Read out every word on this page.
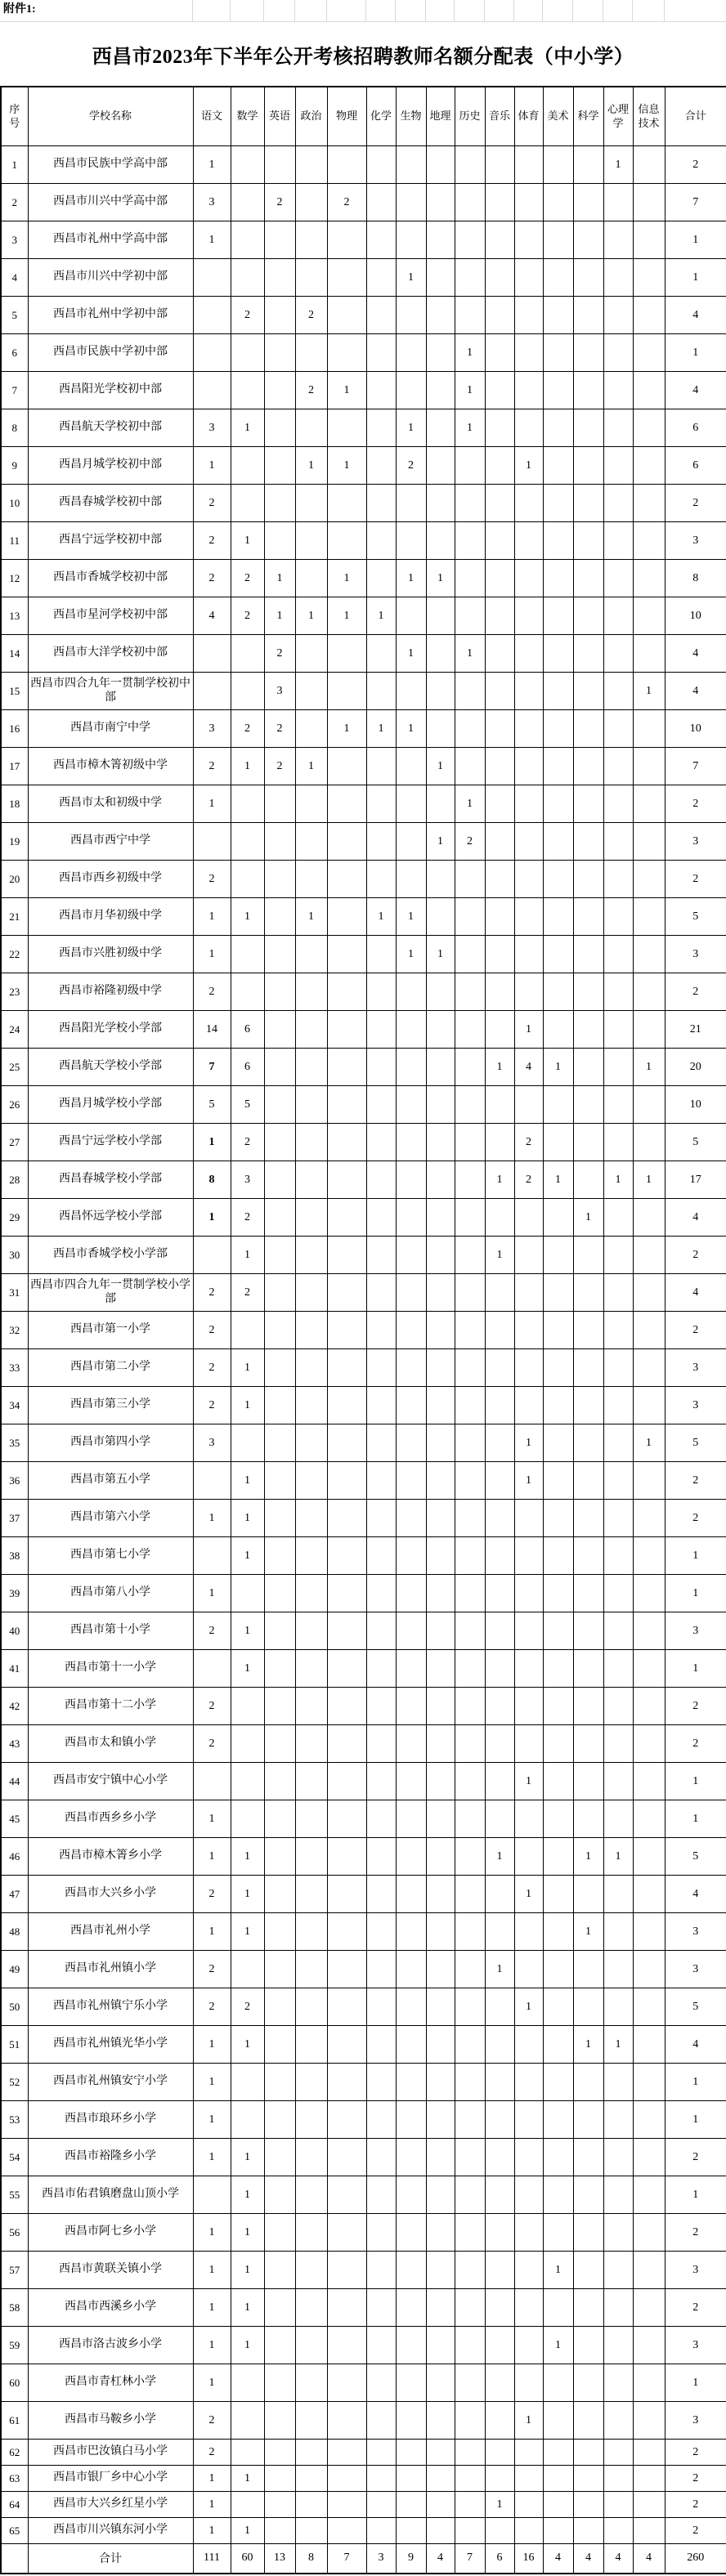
附件1:
西昌市2023年下半年公开考核招聘教师名额分配表（中小学）
序号	学校名称	语文	数学	英语	政治	物理	化学	生物	地理	历史	音乐	体育	美术	科学	心理学	信息技术	合计
1	西昌市民族中学高中部	1													1		2
2	西昌市川兴中学高中部	3		2		2											7
3	西昌市礼州中学高中部	1															1
4	西昌市川兴中学初中部							1									1
5	西昌市礼州中学初中部		2		2												4
6	西昌市民族中学初中部									1							1
7	西昌阳光学校初中部				2	1				1							4
8	西昌航天学校初中部	3	1					1		1							6
9	西昌月城学校初中部	1			1	1		2				1					6
10	西昌春城学校初中部	2															2
11	西昌宁远学校初中部	2	1														3
12	西昌市香城学校初中部	2	2	1		1		1	1								8
13	西昌市星河学校初中部	4	2	1	1	1	1										10
14	西昌市大洋学校初中部			2				1		1							4
15	西昌市四合九年一贯制学校初中部			3												1	4
16	西昌市南宁中学	3	2	2		1	1	1									10
17	西昌市樟木箐初级中学	2	1	2	1				1								7
18	西昌市太和初级中学	1								1							2
19	西昌市西宁中学								1	2							3
20	西昌市西乡初级中学	2															2
21	西昌市月华初级中学	1	1		1		1	1									5
22	西昌市兴胜初级中学	1						1	1								3
23	西昌市裕隆初级中学	2															2
24	西昌阳光学校小学部	14	6									1					21
25	西昌航天学校小学部	7	6								1	4	1			1	20
26	西昌月城学校小学部	5	5														10
27	西昌宁远学校小学部	1	2									2					5
28	西昌春城学校小学部	8	3								1	2	1		1	1	17
29	西昌怀远学校小学部	1	2											1			4
30	西昌市香城学校小学部		1								1						2
31	西昌市四合九年一贯制学校小学部	2	2														4
32	西昌市第一小学	2															2
33	西昌市第二小学	2	1														3
34	西昌市第三小学	2	1														3
35	西昌市第四小学	3										1				1	5
36	西昌市第五小学		1									1					2
37	西昌市第六小学	1	1														2
38	西昌市第七小学		1														1
39	西昌市第八小学	1															1
40	西昌市第十小学	2	1														3
41	西昌市第十一小学		1														1
42	西昌市第十二小学	2															2
43	西昌市太和镇小学	2															2
44	西昌市安宁镇中心小学											1					1
45	西昌市西乡乡小学	1															1
46	西昌市樟木箐乡小学	1	1								1			1	1		5
47	西昌市大兴乡小学	2	1									1					4
48	西昌市礼州小学	1	1											1			3
49	西昌市礼州镇小学	2									1						3
50	西昌市礼州镇宁乐小学	2	2									1					5
51	西昌市礼州镇光华小学	1	1											1	1		4
52	西昌市礼州镇安宁小学	1															1
53	西昌市琅环乡小学	1															1
54	西昌市裕隆乡小学	1	1														2
55	西昌市佑君镇磨盘山顶小学		1														1
56	西昌市阿七乡小学	1	1														2
57	西昌市黄联关镇小学	1	1										1				3
58	西昌市西溪乡小学	1	1														2
59	西昌市洛古波乡小学	1	1										1				3
60	西昌市青杠林小学	1															1
61	西昌市马鞍乡小学	2										1					3
62	西昌市巴汝镇白马小学	2															2
63	西昌市银厂乡中心小学	1	1														2
64	西昌市大兴乡红星小学	1									1						2
65	西昌市川兴镇东河小学	1	1														2
	合计	111	60	13	8	7	3	9	4	7	6	16	4	4	4	4	260
